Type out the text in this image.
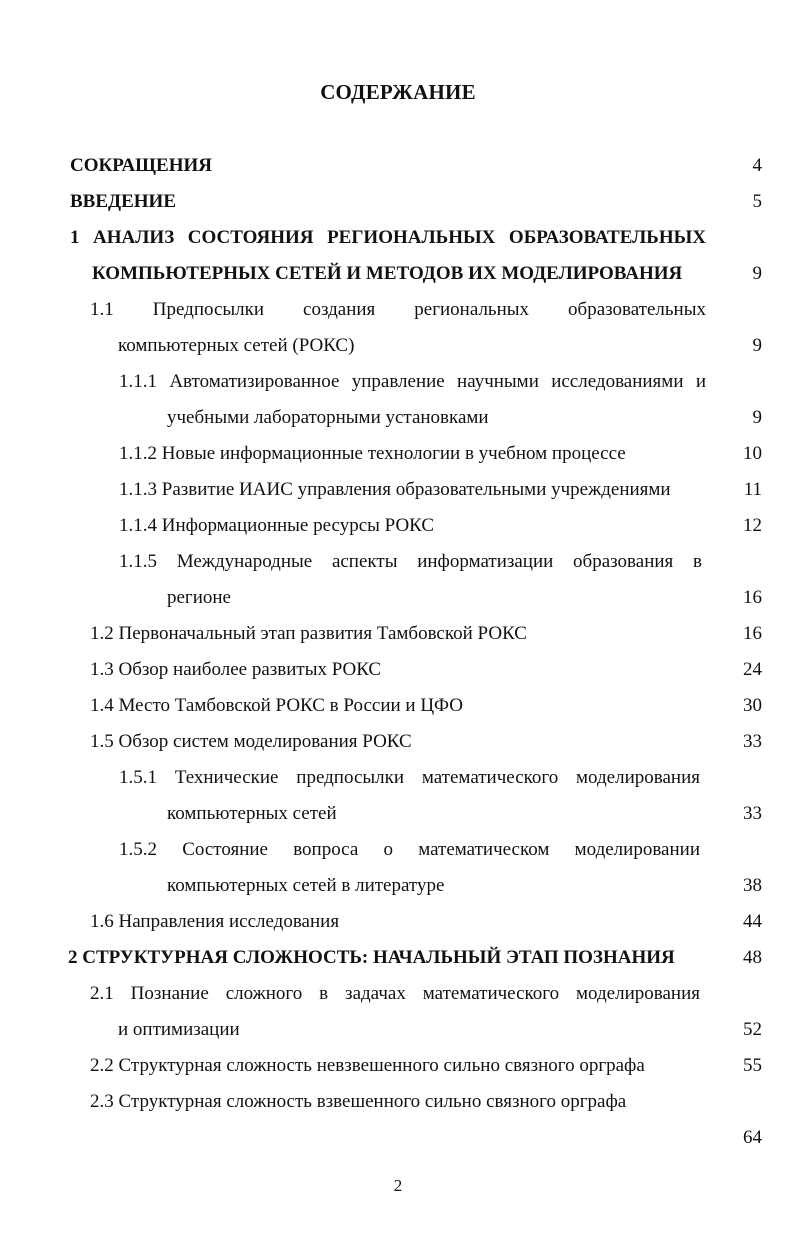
СОДЕРЖАНИЕ
СОКРАЩЕНИЯ	4
ВВЕДЕНИЕ	5
1 АНАЛИЗ СОСТОЯНИЯ РЕГИОНАЛЬНЫХ ОБРАЗОВАТЕЛЬНЫХ
КОМПЬЮТЕРНЫХ СЕТЕЙ И МЕТОДОВ ИХ МОДЕЛИРОВАНИЯ	9
1.1 Предпосылки создания региональных образовательных
компьютерных сетей (РОКС)	9
1.1.1 Автоматизированное управление научными исследованиями и
учебными лабораторными установками	9
1.1.2 Новые информационные технологии в учебном процессе	10
1.1.3 Развитие ИАИС управления образовательными учреждениями	11
1.1.4 Информационные ресурсы РОКС	12
1.1.5 Международные аспекты информатизации образования в
регионе	16
1.2 Первоначальный этап развития Тамбовской РОКС	16
1.3 Обзор наиболее развитых РОКС	24
1.4 Место Тамбовской РОКС в России и ЦФО	30
1.5 Обзор систем моделирования РОКС	33
1.5.1 Технические предпосылки математического моделирования
компьютерных сетей	33
1.5.2 Состояние вопроса о математическом моделировании
компьютерных сетей в литературе	38
1.6 Направления исследования	44
2 СТРУКТУРНАЯ СЛОЖНОСТЬ: НАЧАЛЬНЫЙ ЭТАП ПОЗНАНИЯ	48
2.1 Познание сложного в задачах математического моделирования
и оптимизации	52
2.2 Структурная сложность невзвешенного сильно связного орграфа	55
2.3 Структурная сложность взвешенного сильно связного орграфа
64
2
